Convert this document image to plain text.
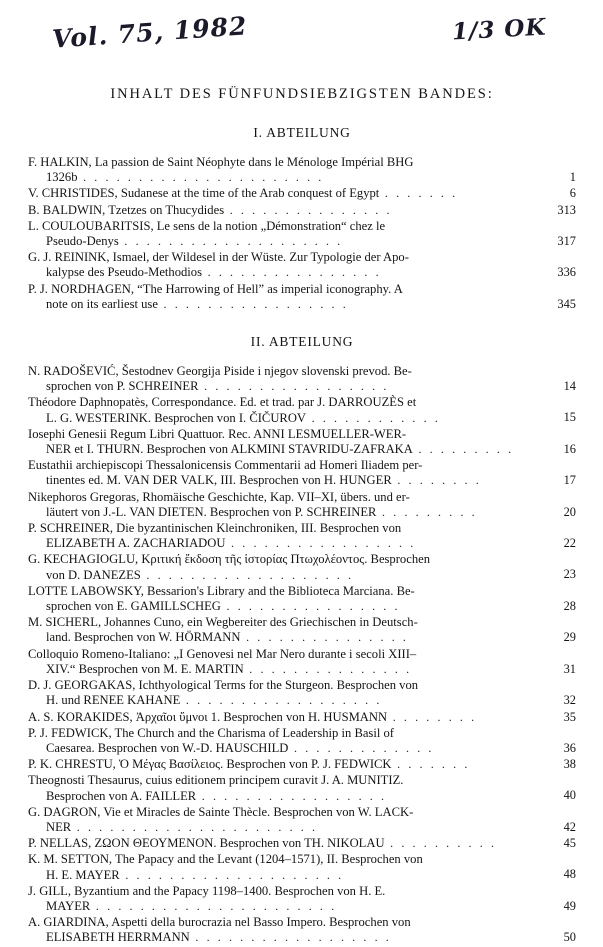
Vol. 75, 1982	1/3 OK
INHALT DES FÜNFUNDSIEBZIGSTEN BANDES:
I. ABTEILUNG
F. HALKIN, La passion de Saint Néophyte dans le Ménologe Impérial BHG
1326b . . . . . . . . . . . . . . . . . . . . . .	1
V. CHRISTIDES, Sudanese at the time of the Arab conquest of Egypt . . . . . . .	6
B. BALDWIN, Tzetzes on Thucydides . . . . . . . . . . . . . . .	313
L. COULOUBARITSIS, Le sens de la notion „Démonstration“ chez le
Pseudo-Denys . . . . . . . . . . . . . . . . . . . .	317
G. J. REININK, Ismael, der Wildesel in der Wüste. Zur Typologie der Apo-
kalypse des Pseudo-Methodios . . . . . . . . . . . . . . . .	336
P. J. NORDHAGEN, “The Harrowing of Hell” as imperial iconography. A
note on its earliest use . . . . . . . . . . . . . . . . .	345
II. ABTEILUNG
N. RADOŠEVIĆ, Šestodnev Georgija Piside i njegov slovenski prevod. Be-
sprochen von P. SCHREINER . . . . . . . . . . . . . . . . .	14
Théodore Daphnopatès, Correspondance. Ed. et trad. par J. DARROUZÈS et
L. G. WESTERINK. Besprochen von I. ČIČUROV . . . . . . . . . . . .	15
Iosephi Genesii Regum Libri Quattuor. Rec. ANNI LESMUELLER-WER-
NER et I. THURN. Besprochen von ALKMINI STAVRIDU-ZAFRAKA . . . . . . . . .	16
Eustathii archiepiscopi Thessalonicensis Commentarii ad Homeri Iliadem per-
tinentes ed. M. VAN DER VALK, III. Besprochen von H. HUNGER . . . . . . . .	17
Nikephoros Gregoras, Rhomäische Geschichte, Kap. VII–XI, übers. und er-
läutert von J.-L. VAN DIETEN. Besprochen von P. SCHREINER . . . . . . . . .	20
P. SCHREINER, Die byzantinischen Kleinchroniken, III. Besprochen von
ELIZABETH A. ZACHARIADOU . . . . . . . . . . . . . . . . .	22
G. KECHAGIOGLU, Κριτική ἔκδοση τῆς ἱστορίας Πτωχολέοντος. Besprochen
von D. DANEZES . . . . . . . . . . . . . . . . . . .	23
LOTTE LABOWSKY, Bessarion's Library and the Biblioteca Marciana. Be-
sprochen von E. GAMILLSCHEG . . . . . . . . . . . . . . . .	28
M. SICHERL, Johannes Cuno, ein Wegbereiter des Griechischen in Deutsch-
land. Besprochen von W. HÖRMANN . . . . . . . . . . . . . . .	29
Colloquio Romeno-Italiano: „I Genovesi nel Mar Nero durante i secoli XIII–
XIV.“ Besprochen von M. E. MARTIN . . . . . . . . . . . . . . .	31
D. J. GEORGAKAS, Ichthyological Terms for the Sturgeon. Besprochen von
H. und RENEE KAHANE . . . . . . . . . . . . . . . . . .	32
A. S. KORAKIDES, Ἀρχαῖοι ὕμνοι 1. Besprochen von H. HUSMANN . . . . . . . .	35
P. J. FEDWICK, The Church and the Charisma of Leadership in Basil of
Caesarea. Besprochen von W.-D. HAUSCHILD . . . . . . . . . . . . .	36
P. K. CHRESTU, Ὁ Μέγας Βασίλειος. Besprochen von P. J. FEDWICK . . . . . . .	38
Theognosti Thesaurus, cuius editionem principem curavit J. A. MUNITIZ.
Besprochen von A. FAILLER . . . . . . . . . . . . . . . . .	40
G. DAGRON, Vie et Miracles de Sainte Thècle. Besprochen von W. LACK-
NER . . . . . . . . . . . . . . . . . . . . . .	42
P. NELLAS, ZΩΟΝ ΘΕΟΥΜΕΝΟΝ. Besprochen von TH. NIKOLAU . . . . . . . . . .	45
K. M. SETTON, The Papacy and the Levant (1204–1571), II. Besprochen von
H. E. MAYER . . . . . . . . . . . . . . . . . . . .	48
J. GILL, Byzantium and the Papacy 1198–1400. Besprochen von H. E.
MAYER . . . . . . . . . . . . . . . . . . . . . .	49
A. GIARDINA, Aspetti della burocrazia nel Basso Impero. Besprochen von
ELISABETH HERRMANN . . . . . . . . . . . . . . . . . .	50
